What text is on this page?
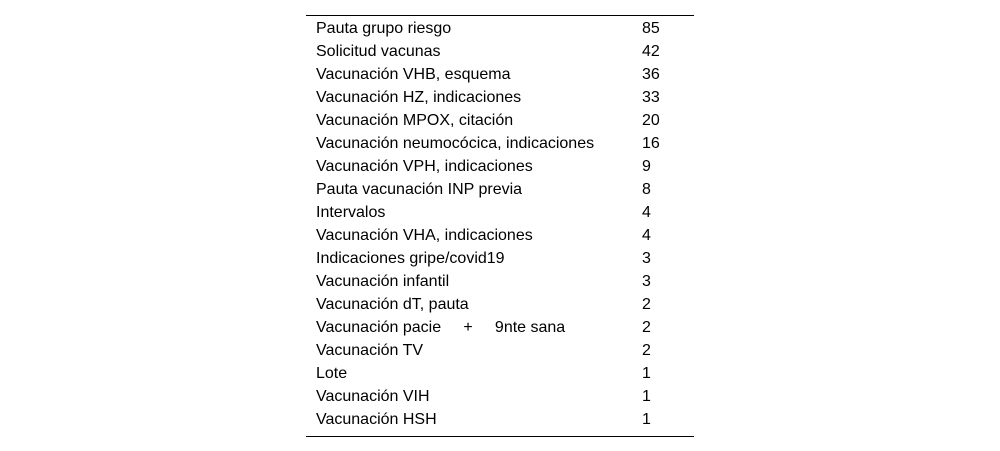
Pauta grupo riesgo	85
Solicitud vacunas	42
Vacunación VHB, esquema	36
Vacunación HZ, indicaciones	33
Vacunación MPOX, citación	20
Vacunación neumocócica, indicaciones	16
Vacunación VPH, indicaciones	9
Pauta vacunación INP previa	8
Intervalos	4
Vacunación VHA, indicaciones	4
Indicaciones gripe/covid19	3
Vacunación infantil	3
Vacunación dT, pauta	2
Vacunación pacie     +     9nte sana	2
Vacunación TV	2
Lote	1
Vacunación VIH	1
Vacunación HSH	1
